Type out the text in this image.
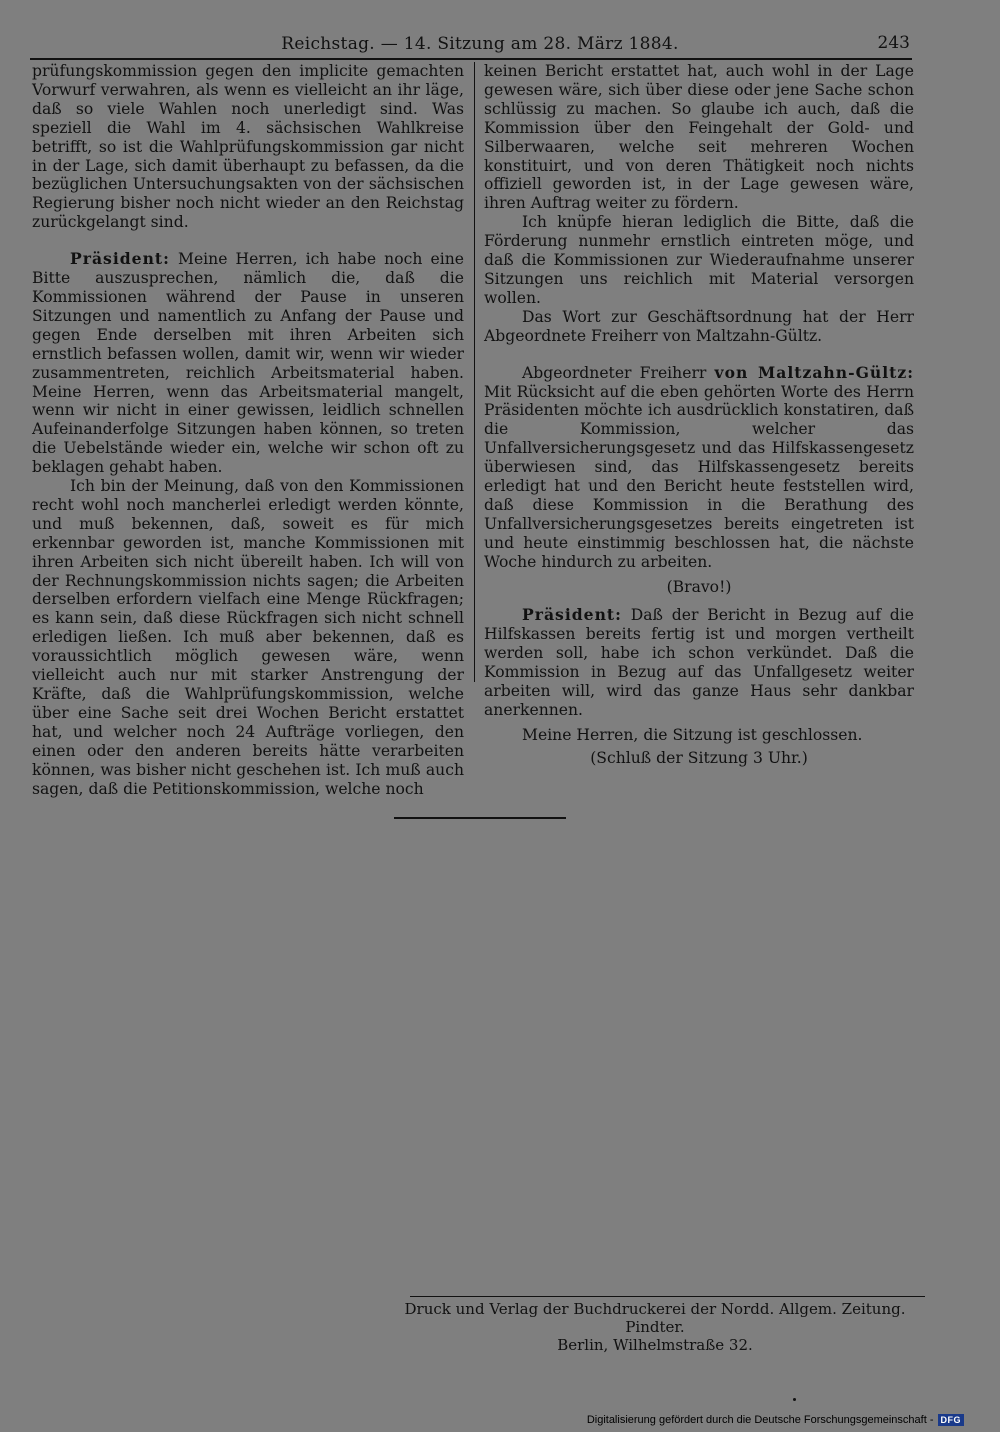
Reichstag. — 14. Sitzung am 28. März 1884.	243

prüfungskommission gegen den implicite gemachten Vorwurf verwahren, als wenn es vielleicht an ihr läge, daß so viele Wahlen noch unerledigt sind. Was speziell die Wahl im 4. sächsischen Wahlkreise betrifft, so ist die Wahlprüfungskommission gar nicht in der Lage, sich damit überhaupt zu befassen, da die bezüglichen Untersuchungsakten von der sächsischen Regierung bisher noch nicht wieder an den Reichstag zurückgelangt sind.

Präsident: Meine Herren, ich habe noch eine Bitte auszusprechen, nämlich die, daß die Kommissionen während der Pause in unseren Sitzungen und namentlich zu Anfang der Pause und gegen Ende derselben mit ihren Arbeiten sich ernstlich befassen wollen, damit wir, wenn wir wieder zusammentreten, reichlich Arbeitsmaterial haben. Meine Herren, wenn das Arbeitsmaterial mangelt, wenn wir nicht in einer gewissen, leidlich schnellen Aufeinanderfolge Sitzungen haben können, so treten die Uebelstände wieder ein, welche wir schon oft zu beklagen gehabt haben.

Ich bin der Meinung, daß von den Kommissionen recht wohl noch mancherlei erledigt werden könnte, und muß bekennen, daß, soweit es für mich erkennbar geworden ist, manche Kommissionen mit ihren Arbeiten sich nicht übereilt haben. Ich will von der Rechnungskommission nichts sagen; die Arbeiten derselben erfordern vielfach eine Menge Rückfragen; es kann sein, daß diese Rückfragen sich nicht schnell erledigen ließen. Ich muß aber bekennen, daß es voraussichtlich möglich gewesen wäre, wenn vielleicht auch nur mit starker Anstrengung der Kräfte, daß die Wahlprüfungskommission, welche über eine Sache seit drei Wochen Bericht erstattet hat, und welcher noch 24 Aufträge vorliegen, den einen oder den anderen bereits hätte verarbeiten können, was bisher nicht geschehen ist. Ich muß auch sagen, daß die Petitionskommission, welche noch

keinen Bericht erstattet hat, auch wohl in der Lage gewesen wäre, sich über diese oder jene Sache schon schlüssig zu machen. So glaube ich auch, daß die Kommission über den Feingehalt der Gold- und Silberwaaren, welche seit mehreren Wochen konstituirt, und von deren Thätigkeit noch nichts offiziell geworden ist, in der Lage gewesen wäre, ihren Auftrag weiter zu fördern.

Ich knüpfe hieran lediglich die Bitte, daß die Förderung nunmehr ernstlich eintreten möge, und daß die Kommissionen zur Wiederaufnahme unserer Sitzungen uns reichlich mit Material versorgen wollen.

Das Wort zur Geschäftsordnung hat der Herr Abgeordnete Freiherr von Maltzahn-Gültz.

Abgeordneter Freiherr von Maltzahn-Gültz: Mit Rücksicht auf die eben gehörten Worte des Herrn Präsidenten möchte ich ausdrücklich konstatiren, daß die Kommission, welcher das Unfallversicherungsgesetz und das Hilfskassengesetz überwiesen sind, das Hilfskassengesetz bereits erledigt hat und den Bericht heute feststellen wird, daß diese Kommission in die Berathung des Unfallversicherungsgesetzes bereits eingetreten ist und heute einstimmig beschlossen hat, die nächste Woche hindurch zu arbeiten.

(Bravo!)

Präsident: Daß der Bericht in Bezug auf die Hilfskassen bereits fertig ist und morgen vertheilt werden soll, habe ich schon verkündet. Daß die Kommission in Bezug auf das Unfallgesetz weiter arbeiten will, wird das ganze Haus sehr dankbar anerkennen.

Meine Herren, die Sitzung ist geschlossen.

(Schluß der Sitzung 3 Uhr.)

Druck und Verlag der Buchdruckerei der Nordd. Allgem. Zeitung. Pindter.
Berlin, Wilhelmstraße 32.
Digitalisierung gefördert durch die Deutsche Forschungsgemeinschaft - DFG
